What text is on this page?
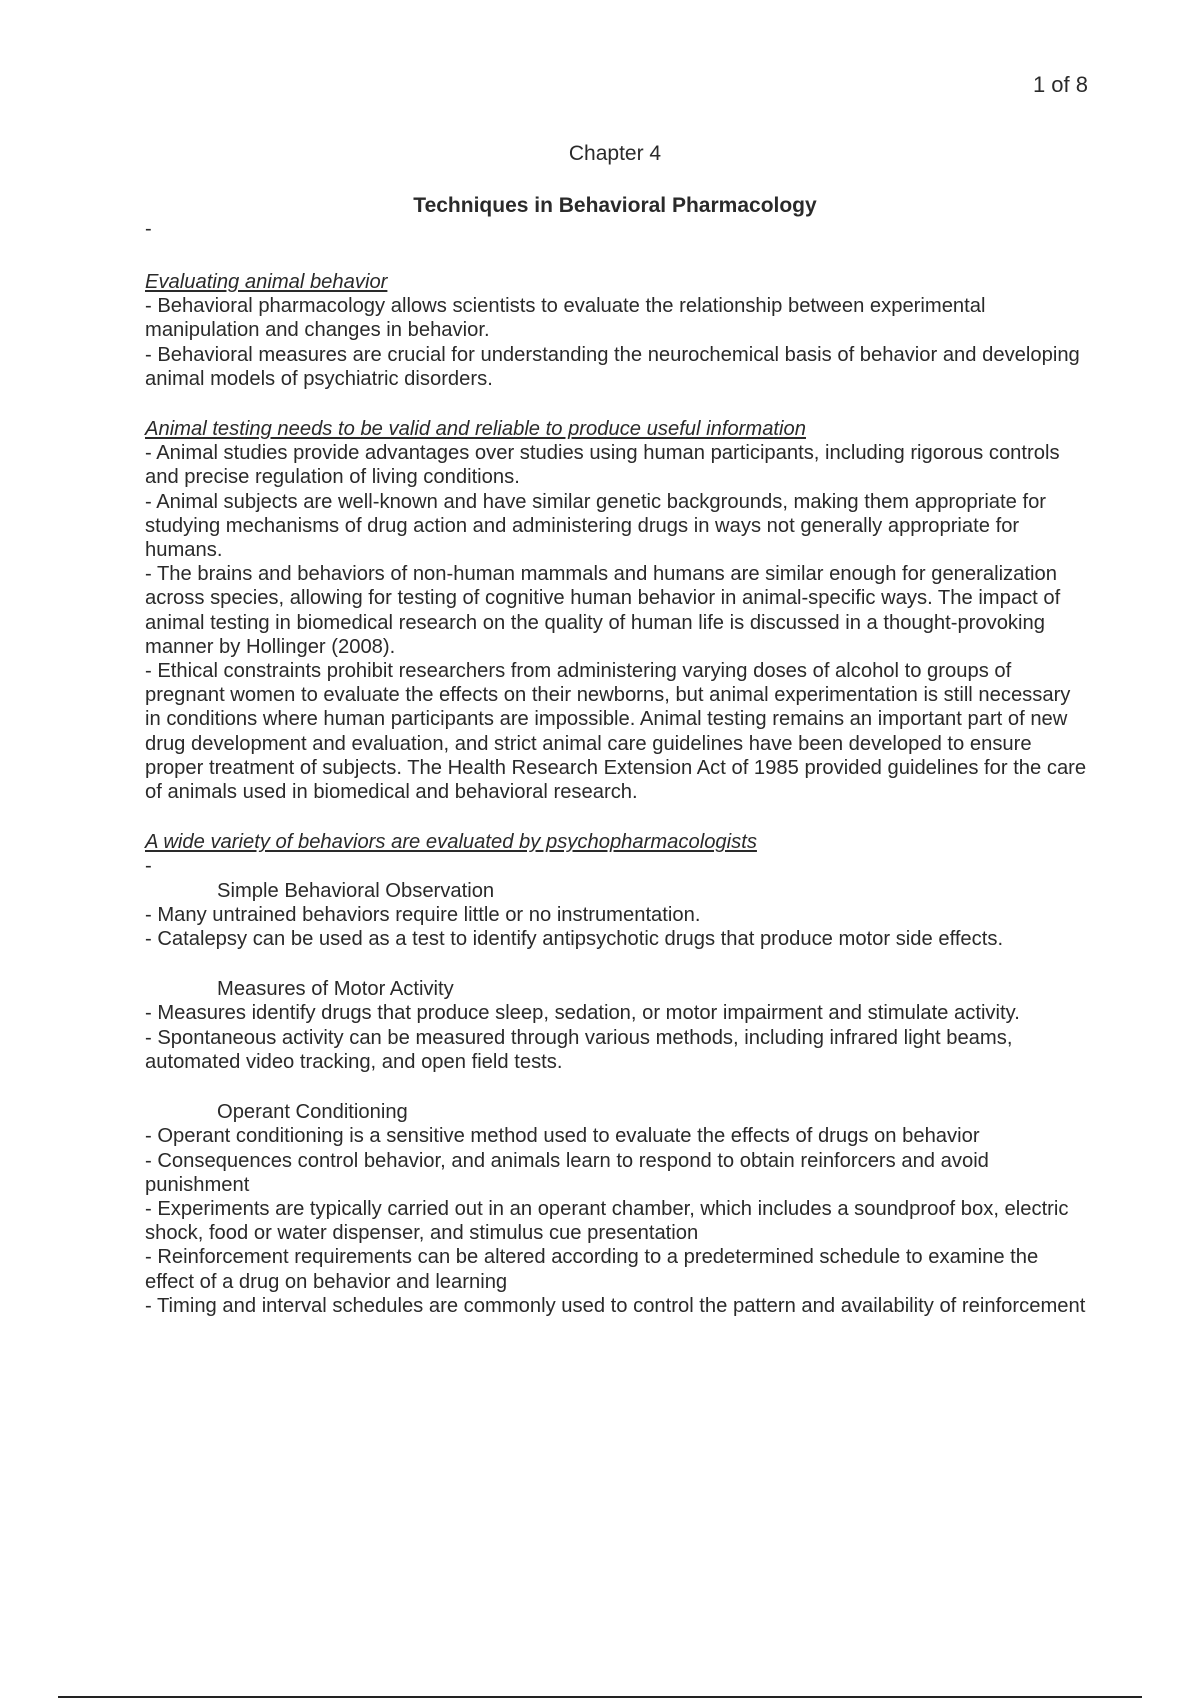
1 of 8
Chapter 4
Techniques in Behavioral Pharmacology
-

Evaluating animal behavior

- Behavioral pharmacology allows scientists to evaluate the relationship between experimental manipulation and changes in behavior.

- Behavioral measures are crucial for understanding the neurochemical basis of behavior and developing animal models of psychiatric disorders.

Animal testing needs to be valid and reliable to produce useful information

- Animal studies provide advantages over studies using human participants, including rigorous controls and precise regulation of living conditions.

- Animal subjects are well-known and have similar genetic backgrounds, making them appropriate for studying mechanisms of drug action and administering drugs in ways not generally appropriate for humans.

- The brains and behaviors of non-human mammals and humans are similar enough for generalization across species, allowing for testing of cognitive human behavior in animal-specific ways. The impact of animal testing in biomedical research on the quality of human life is discussed in a thought-provoking manner by Hollinger (2008).

- Ethical constraints prohibit researchers from administering varying doses of alcohol to groups of pregnant women to evaluate the effects on their newborns, but animal experimentation is still necessary in conditions where human participants are impossible. Animal testing remains an important part of new drug development and evaluation, and strict animal care guidelines have been developed to ensure proper treatment of subjects. The Health Research Extension Act of 1985 provided guidelines for the care of animals used in biomedical and behavioral research.

A wide variety of behaviors are evaluated by psychopharmacologists

-

Simple Behavioral Observation

- Many untrained behaviors require little or no instrumentation.

- Catalepsy can be used as a test to identify antipsychotic drugs that produce motor side effects.

Measures of Motor Activity

- Measures identify drugs that produce sleep, sedation, or motor impairment and stimulate activity.

- Spontaneous activity can be measured through various methods, including infrared light beams, automated video tracking, and open field tests.

Operant Conditioning

- Operant conditioning is a sensitive method used to evaluate the effects of drugs on behavior

- Consequences control behavior, and animals learn to respond to obtain reinforcers and avoid punishment

- Experiments are typically carried out in an operant chamber, which includes a soundproof box, electric shock, food or water dispenser, and stimulus cue presentation

- Reinforcement requirements can be altered according to a predetermined schedule to examine the effect of a drug on behavior and learning

- Timing and interval schedules are commonly used to control the pattern and availability of reinforcement
